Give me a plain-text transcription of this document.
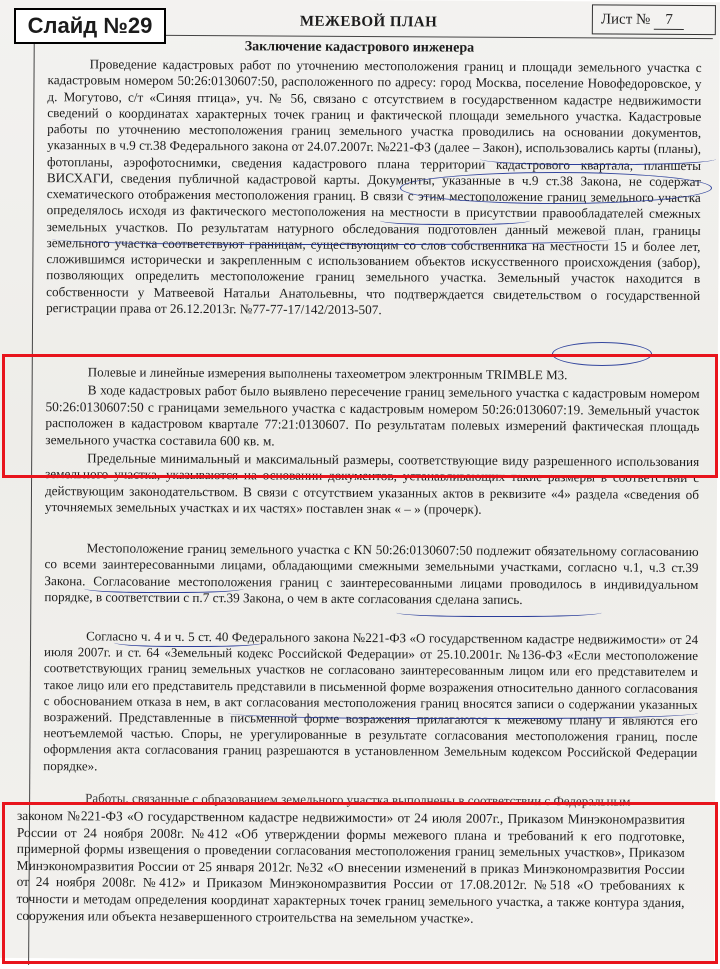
МЕЖЕВОЙ ПЛАН	Лист № 7
Заключение кадастрового инженера

Проведение кадастровых работ по уточнению местоположения границ и площади земельного участка с кадастровым номером 50:26:0130607:50, расположенного по адресу: город Москва, поселение Новофедоровское, у д. Могутово, с/т «Синяя птица», уч. № 56, связано с отсутствием в государственном кадастре недвижимости сведений о координатах характерных точек границ и фактической площади земельного участка. Кадастровые работы по уточнению местоположения границ земельного участка проводились на основании документов, указанных в ч.9 ст.38 Федерального закона от 24.07.2007г. №221-ФЗ (далее – Закон), использовались карты (планы), фотопланы, аэрофотоснимки, сведения кадастрового плана территории кадастрового квартала, планшеты ВИСХАГИ, сведения публичной кадастровой карты. Документы, указанные в ч.9 ст.38 Закона, не содержат схематического отображения местоположения границ. В связи с этим местоположение границ земельного участка определялось исходя из фактического местоположения на местности в присутствии правообладателей смежных земельных участков. По результатам натурного обследования подготовлен данный межевой план, границы земельного участка соответствуют границам, существующим со слов собственника на местности 15 и более лет, сложившимся исторически и закрепленным с использованием объектов искусственного происхождения (забор), позволяющих определить местоположение границ земельного участка. Земельный участок находится в собственности у Матвеевой Натальи Анатольевны, что подтверждается свидетельством о государственной регистрации права от 26.12.2013г. №77-77-17/142/2013-507.

Полевые и линейные измерения выполнены тахеометром электронным TRIMBLE M3.

В ходе кадастровых работ было выявлено пересечение границ земельного участка с кадастровым номером 50:26:0130607:50 с границами земельного участка с кадастровым номером 50:26:0130607:19. Земельный участок расположен в кадастровом квартале 77:21:0130607. По результатам полевых измерений фактическая площадь земельного участка составила 600 кв. м.

Предельные минимальный и максимальный размеры, соответствующие виду разрешенного использования земельного участка, указываются на основании документов, устанавливающих такие размеры в соответствии с действующим законодательством. В связи с отсутствием указанных актов в реквизите «4» раздела «сведения об уточняемых земельных участках и их частях» поставлен знак « – » (прочерк).

Местоположение границ земельного участка с КN 50:26:0130607:50 подлежит обязательному согласованию со всеми заинтересованными лицами, обладающими смежными земельными участками, согласно ч.1, ч.3 ст.39 Закона. Согласование местоположения границ с заинтересованными лицами проводилось в индивидуальном порядке, в соответствии с п.7 ст.39 Закона, о чем в акте согласования сделана запись.

Согласно ч. 4 и ч. 5 ст. 40 Федерального закона №221-ФЗ «О государственном кадастре недвижимости» от 24 июля 2007г. и ст. 64 «Земельный кодекс Российской Федерации» от 25.10.2001г. №136-ФЗ «Если местоположение соответствующих границ земельных участков не согласовано заинтересованным лицом или его представителем и такое лицо или его представитель представили в письменной форме возражения относительно данного согласования с обоснованием отказа в нем, в акт согласования местоположения границ вносятся записи о содержании указанных возражений. Представленные в письменной форме возражения прилагаются к межевому плану и являются его неотъемлемой частью. Споры, не урегулированные в результате согласования местоположения границ, после оформления акта согласования границ разрешаются в установленном Земельным кодексом Российской Федерации порядке».

Работы, связанные с образованием земельного участка выполнены в соответствии с Федеральным

законом №221-ФЗ «О государственном кадастре недвижимости» от 24 июля 2007г., Приказом Минэкономразвития России от 24 ноября 2008г. №412 «Об утверждении формы межевого плана и требований к его подготовке, примерной формы извещения о проведении согласования местоположения границ земельных участков», Приказом Минэкономразвития России от 25 января 2012г. №32 «О внесении изменений в приказ Минэкономразвития России от 24 ноября 2008г. №412» и Приказом Минэкономразвития России от 17.08.2012г. №518 «О требованиях к точности и методам определения координат характерных точек границ земельного участка, а также контура здания, сооружения или объекта незавершенного строительства на земельном участке».

Слайд №29
